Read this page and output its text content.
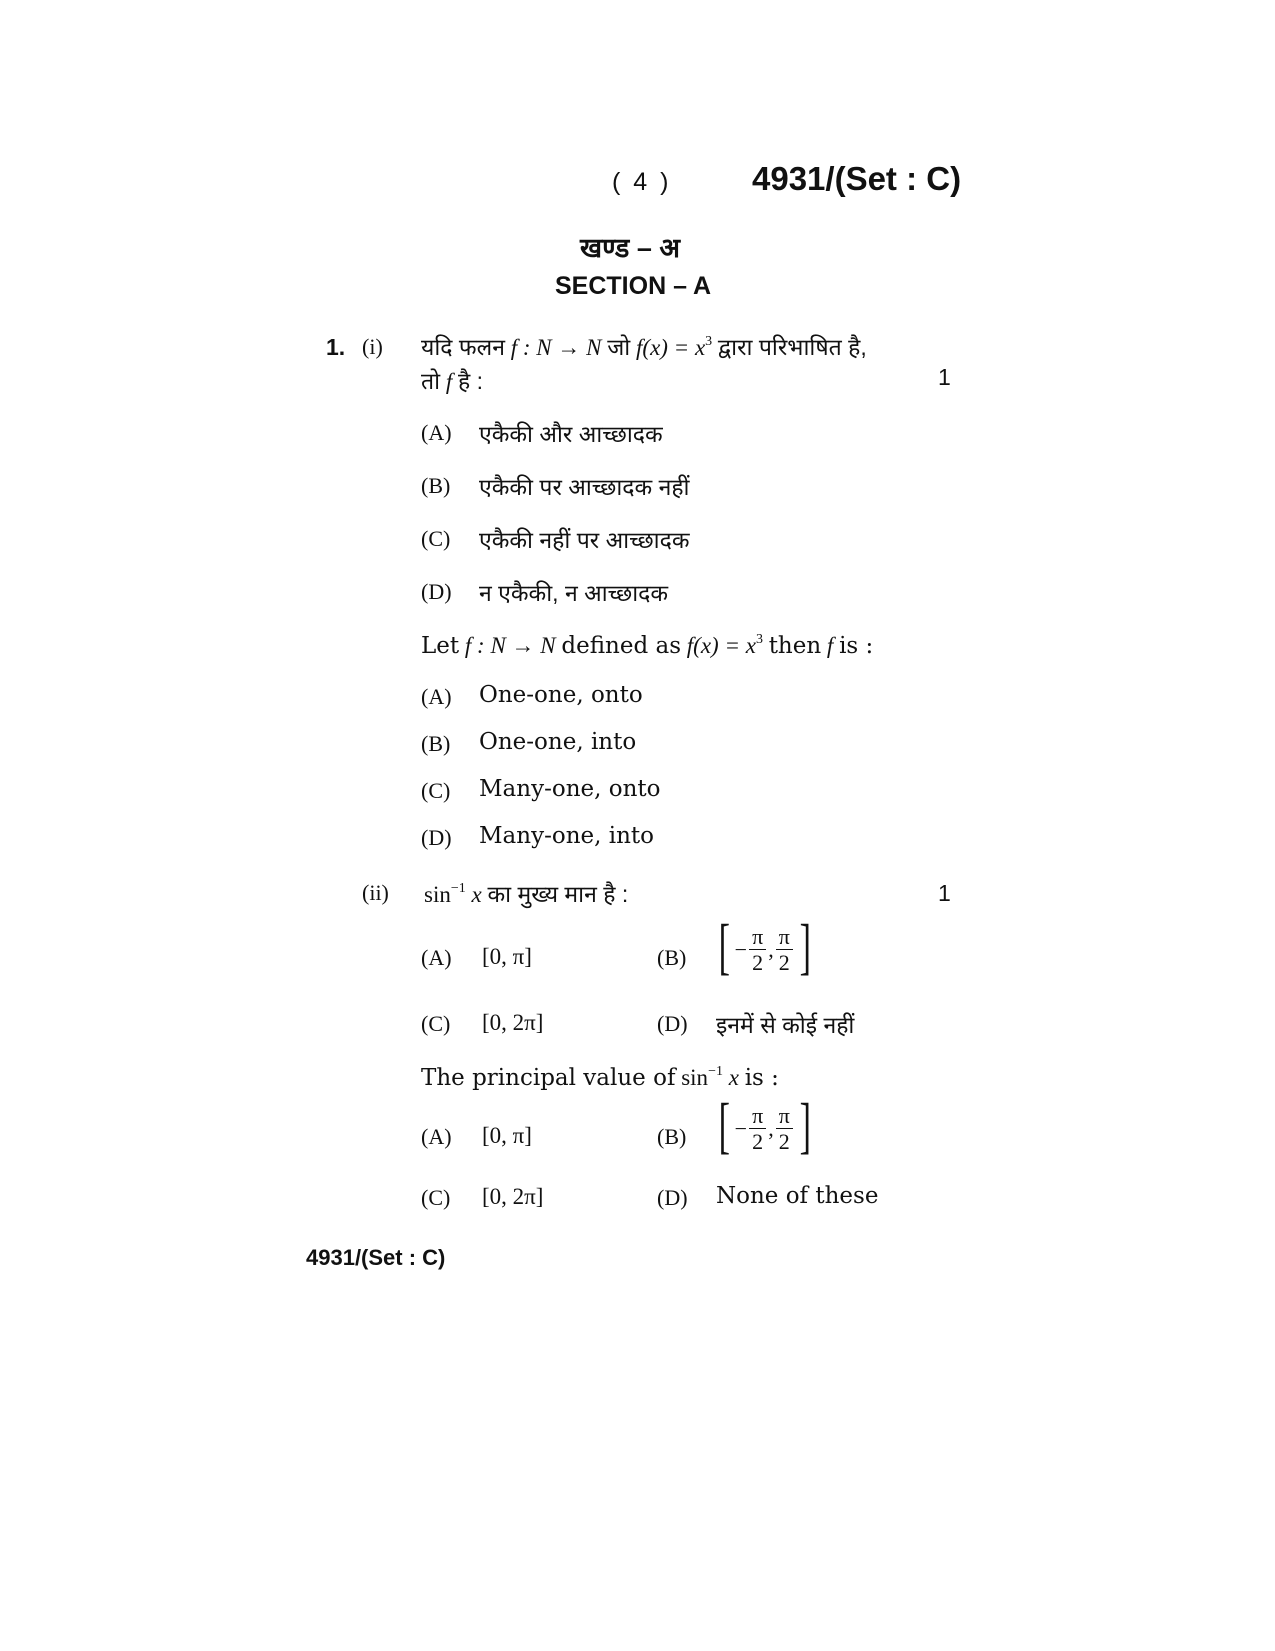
( 4 ) 4931/(Set : C)
खण्ड – अ
SECTION – A
1. (i) यदि फलन f : N → N जो $f(x) = x^3$ द्वारा परिभाषित है,
तो f है :	1
(A) एकैकी और आच्छादक
(B) एकैकी पर आच्छादक नहीं
(C) एकैकी नहीं पर आच्छादक
(D) न एकैकी, न आच्छादक
Let f : N → N defined as $f(x) = x^3$ then f is :
(A) One-one, onto
(B) One-one, into
(C) Many-one, onto
(D) Many-one, into
(ii) $\sin^{-1} x$ का मुख्य मान है :	1
(A) [0, π]	(B) [ − $\frac{\pi}{2}$ , $\frac{\pi}{2}$ ]
(C) [0, 2π]	(D) इनमें से कोई नहीं
The principal value of $\sin^{-1} x$ is :
(A) [0, π]	(B) [ − $\frac{\pi}{2}$ , $\frac{\pi}{2}$ ]
(C) [0, 2π]	(D) None of these
4931/(Set : C)
